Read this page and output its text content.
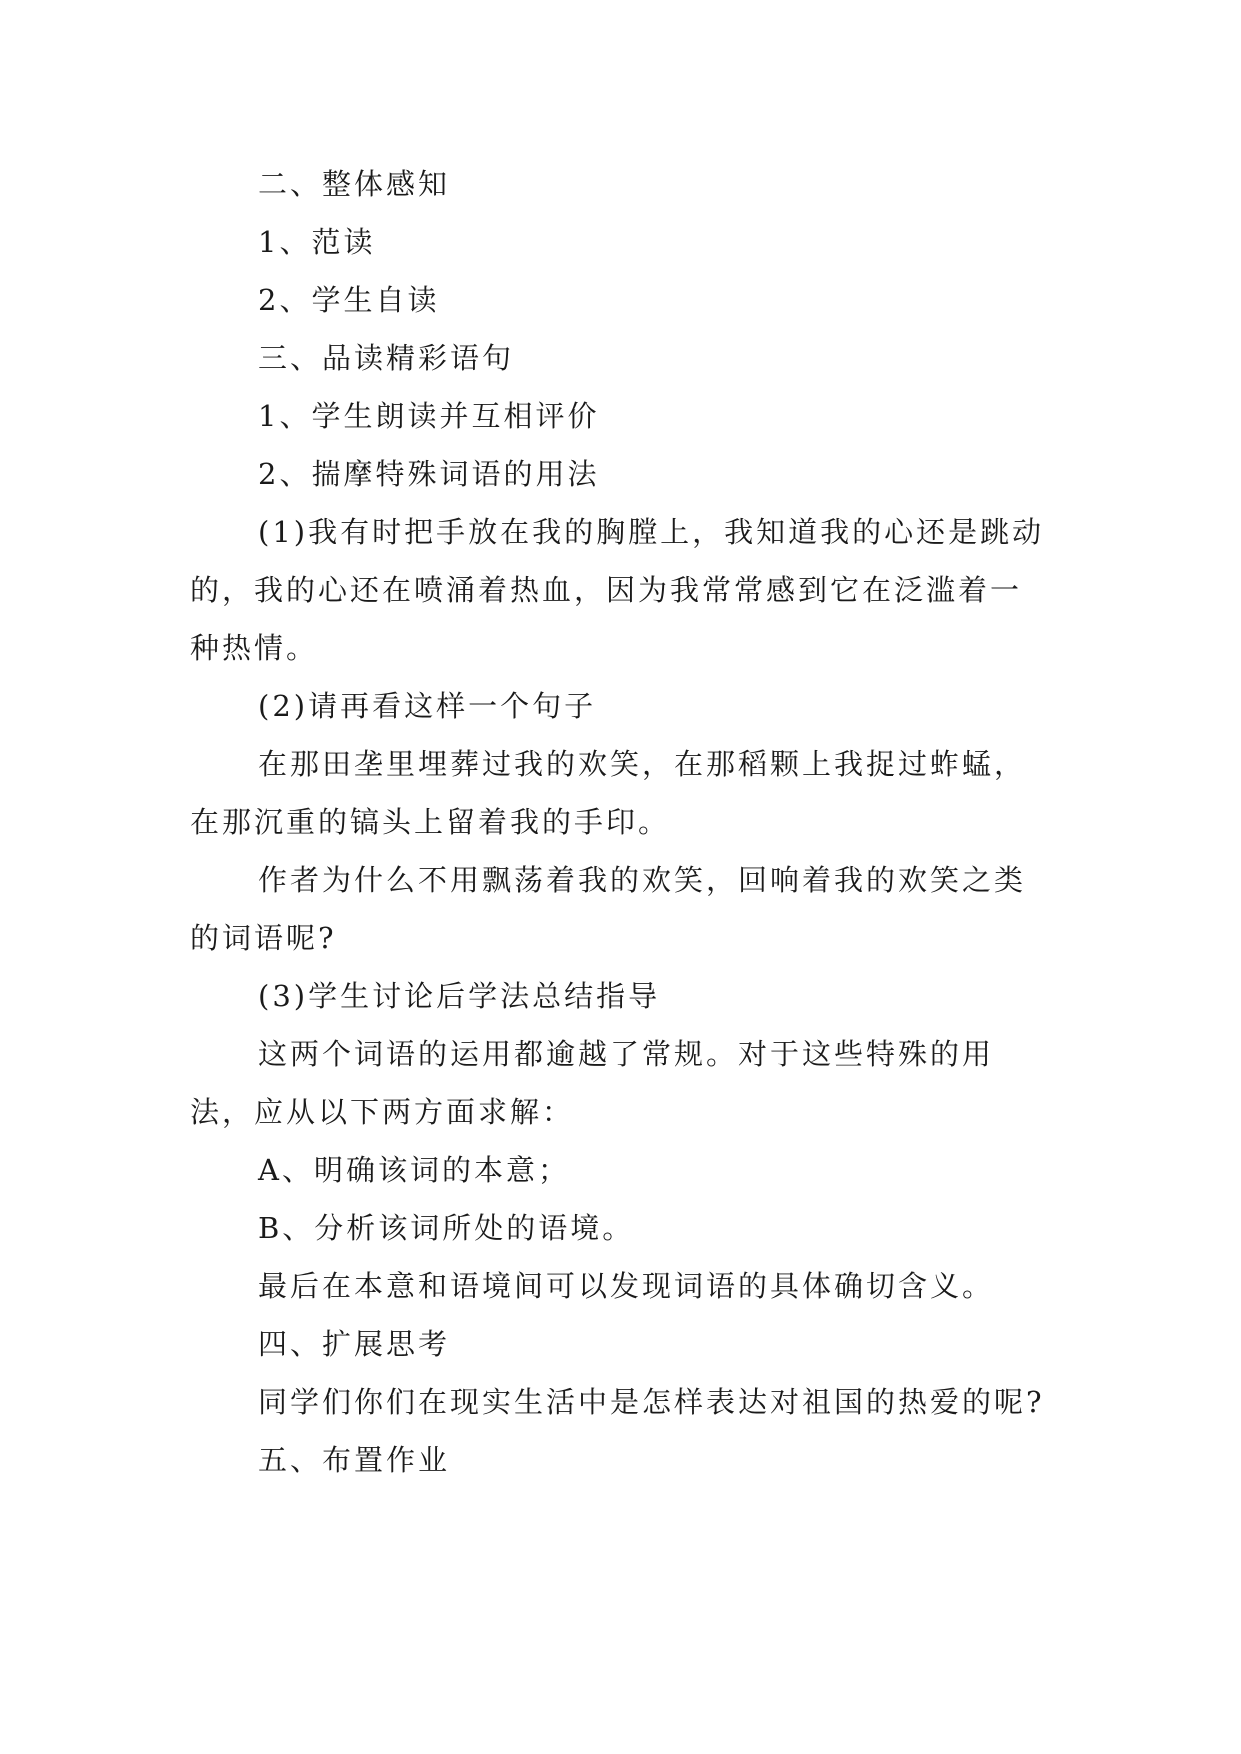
二、整体感知

1、范读

2、学生自读

三、品读精彩语句

1、学生朗读并互相评价

2、揣摩特殊词语的用法

(1)我有时把手放在我的胸膛上，我知道我的心还是跳动的，我的心还在喷涌着热血，因为我常常感到它在泛滥着一种热情。

(2)请再看这样一个句子

在那田垄里埋葬过我的欢笑，在那稻颗上我捉过蚱蜢，在那沉重的镐头上留着我的手印。

作者为什么不用飘荡着我的欢笑，回响着我的欢笑之类的词语呢?

(3)学生讨论后学法总结指导

这两个词语的运用都逾越了常规。对于这些特殊的用法，应从以下两方面求解：

A、明确该词的本意；

B、分析该词所处的语境。

最后在本意和语境间可以发现词语的具体确切含义。

四、扩展思考

同学们你们在现实生活中是怎样表达对祖国的热爱的呢?

五、布置作业
